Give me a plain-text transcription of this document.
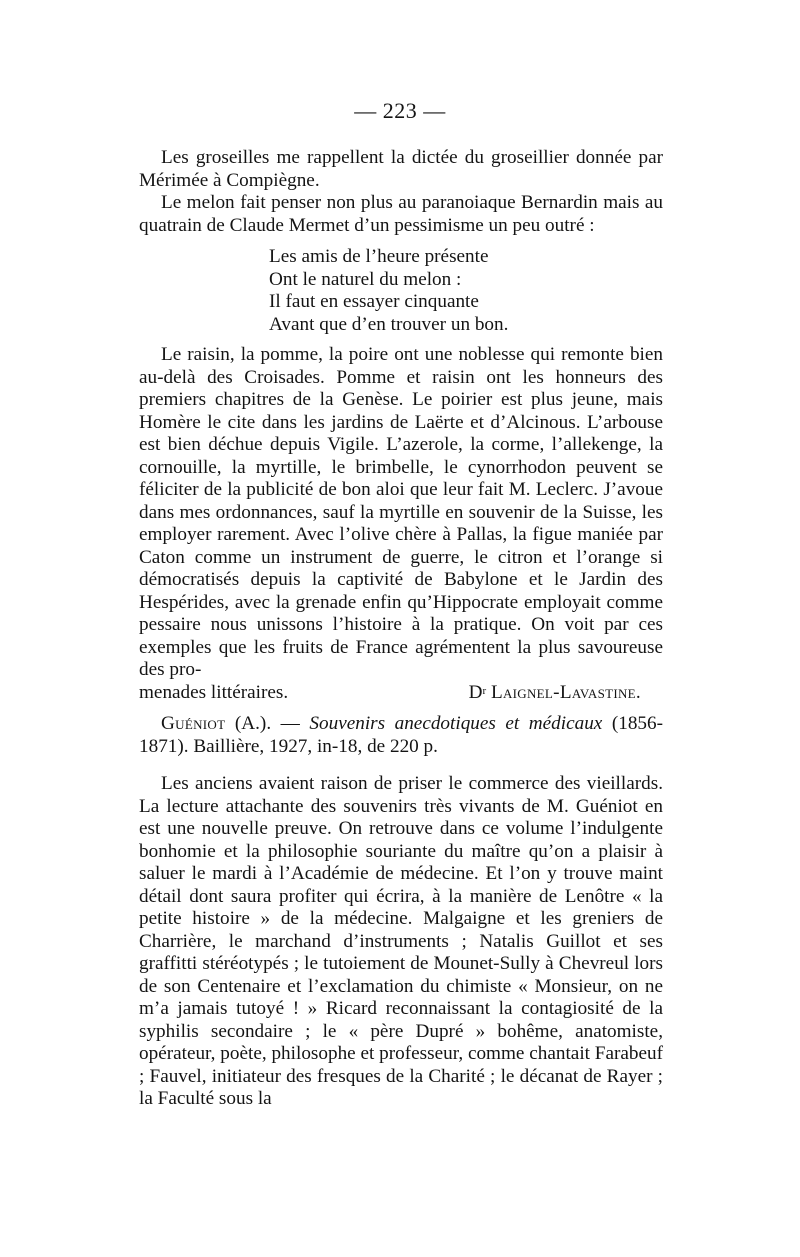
— 223 —

Les groseilles me rappellent la dictée du groseillier donnée par Mérimée à Compiègne.

Le melon fait penser non plus au paranoiaque Bernardin mais au quatrain de Claude Mermet d’un pessimisme un peu outré :

Les amis de l’heure présente
Ont le naturel du melon :
Il faut en essayer cinquante
Avant que d’en trouver un bon.

Le raisin, la pomme, la poire ont une noblesse qui remonte bien au-delà des Croisades. Pomme et raisin ont les honneurs des premiers chapitres de la Genèse. Le poirier est plus jeune, mais Homère le cite dans les jardins de Laërte et d’Alcinous. L’arbouse est bien déchue depuis Vigile. L’azerole, la corme, l’allekenge, la cornouille, la myrtille, le brimbelle, le cynorrhodon peuvent se féliciter de la publicité de bon aloi que leur fait M. Leclerc. J’avoue dans mes ordonnances, sauf la myrtille en souvenir de la Suisse, les employer rarement. Avec l’olive chère à Pallas, la figue maniée par Caton comme un instrument de guerre, le citron et l’orange si démocratisés depuis la captivité de Babylone et le Jardin des Hespérides, avec la grenade enfin qu’Hippocrate employait comme pessaire nous unissons l’histoire à la pratique. On voit par ces exemples que les fruits de France agrémentent la plus savoureuse des pro-

menades littéraires.	$D^r$ Laignel-Lavastine.

Guéniot (A.). — Souvenirs anecdotiques et médicaux (1856-1871). Baillière, 1927, in-18, de 220 p.

Les anciens avaient raison de priser le commerce des vieillards. La lecture attachante des souvenirs très vivants de M. Guéniot en est une nouvelle preuve. On retrouve dans ce volume l’indulgente bonhomie et la philosophie souriante du maître qu’on a plaisir à saluer le mardi à l’Académie de médecine. Et l’on y trouve maint détail dont saura profiter qui écrira, à la manière de Lenôtre « la petite histoire » de la médecine. Malgaigne et les greniers de Charrière, le marchand d’instruments ; Natalis Guillot et ses graffitti stéréotypés ; le tutoiement de Mounet-Sully à Chevreul lors de son Centenaire et l’exclamation du chimiste « Monsieur, on ne m’a jamais tutoyé ! » Ricard reconnaissant la contagiosité de la syphilis secondaire ; le « père Dupré » bohême, anatomiste, opérateur, poète, philosophe et professeur, comme chantait Farabeuf ; Fauvel, initiateur des fresques de la Charité ; le décanat de Rayer ; la Faculté sous la
